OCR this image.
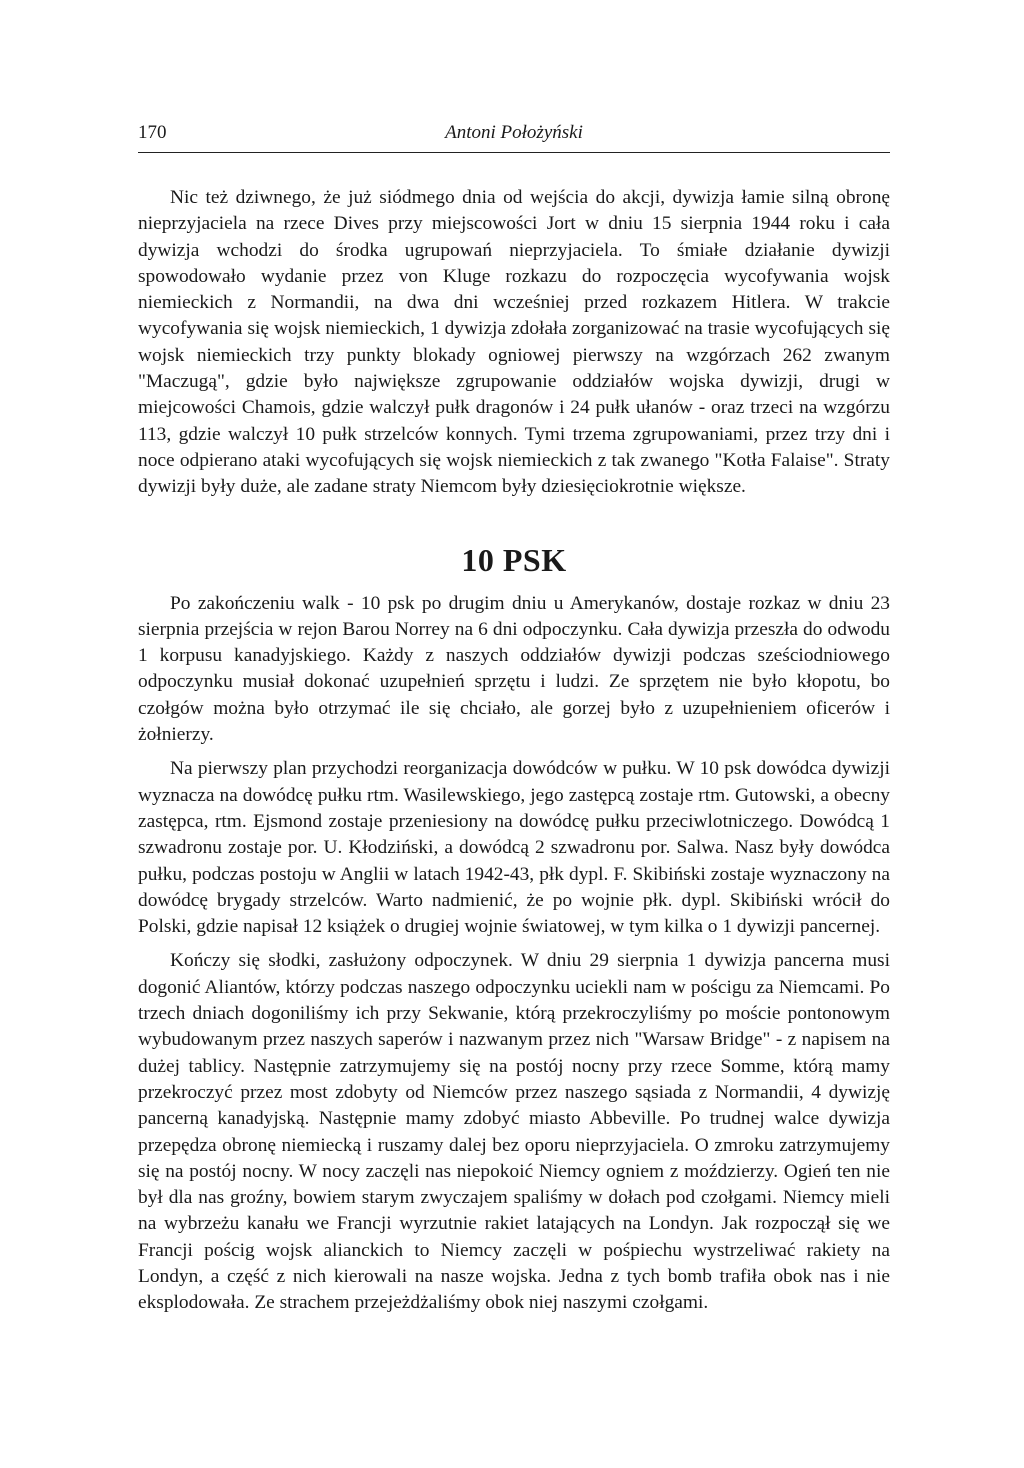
170	Antoni Położyński

Nic też dziwnego, że już siódmego dnia od wejścia do akcji, dywizja łamie silną obronę nieprzyjaciela na rzece Dives przy miejscowości Jort w dniu 15 sierpnia 1944 roku i cała dywizja wchodzi do środka ugrupowań nieprzyjaciela. To śmiałe działanie dywizji spowodowało wydanie przez von Kluge rozkazu do rozpoczęcia wycofywania wojsk niemieckich z Normandii, na dwa dni wcześniej przed rozkazem Hitlera. W trakcie wycofywania się wojsk niemieckich, 1 dywizja zdołała zorganizować na trasie wycofujących się wojsk niemieckich trzy punkty blokady ogniowej pierwszy na wzgórzach 262 zwanym "Maczugą", gdzie było największe zgrupowanie oddziałów wojska dywizji, drugi w miejcowości Chamois, gdzie walczył pułk dragonów i 24 pułk ułanów - oraz trzeci na wzgórzu 113, gdzie walczył 10 pułk strzelców konnych. Tymi trzema zgrupowaniami, przez trzy dni i noce odpierano ataki wycofujących się wojsk niemieckich z tak zwanego "Kotła Falaise". Straty dywizji były duże, ale zadane straty Niemcom były dziesięciokrotnie większe.

10 PSK

Po zakończeniu walk - 10 psk po drugim dniu u Amerykanów, dostaje rozkaz w dniu 23 sierpnia przejścia w rejon Barou Norrey na 6 dni odpoczynku. Cała dywizja przeszła do odwodu 1 korpusu kanadyjskiego. Każdy z naszych oddziałów dywizji podczas sześciodniowego odpoczynku musiał dokonać uzupełnień sprzętu i ludzi. Ze sprzętem nie było kłopotu, bo czołgów można było otrzymać ile się chciało, ale gorzej było z uzupełnieniem oficerów i żołnierzy.

Na pierwszy plan przychodzi reorganizacja dowódców w pułku. W 10 psk dowódca dywizji wyznacza na dowódcę pułku rtm. Wasilewskiego, jego zastępcą zostaje rtm. Gutowski, a obecny zastępca, rtm. Ejsmond zostaje przeniesiony na dowódcę pułku przeciwlotniczego. Dowódcą 1 szwadronu zostaje por. U. Kłodziński, a dowódcą 2 szwadronu por. Salwa. Nasz były dowódca pułku, podczas postoju w Anglii w latach 1942-43, płk dypl. F. Skibiński zostaje wyznaczony na dowódcę brygady strzelców. Warto nadmienić, że po wojnie płk. dypl. Skibiński wrócił do Polski, gdzie napisał 12 książek o drugiej wojnie światowej, w tym kilka o 1 dywizji pancernej.

Kończy się słodki, zasłużony odpoczynek. W dniu 29 sierpnia 1 dywizja pancerna musi dogonić Aliantów, którzy podczas naszego odpoczynku uciekli nam w pościgu za Niemcami. Po trzech dniach dogoniliśmy ich przy Sekwanie, którą przekroczyliśmy po moście pontonowym wybudowanym przez naszych saperów i nazwanym przez nich "Warsaw Bridge" - z napisem na dużej tablicy. Następnie zatrzymujemy się na postój nocny przy rzece Somme, którą mamy przekroczyć przez most zdobyty od Niemców przez naszego sąsiada z Normandii, 4 dywizję pancerną kanadyjską. Następnie mamy zdobyć miasto Abbeville. Po trudnej walce dywizja przepędza obronę niemiecką i ruszamy dalej bez oporu nieprzyjaciela. O zmroku zatrzymujemy się na postój nocny. W nocy zaczęli nas niepokoić Niemcy ogniem z moździerzy. Ogień ten nie był dla nas groźny, bowiem starym zwyczajem spaliśmy w dołach pod czołgami. Niemcy mieli na wybrzeżu kanału we Francji wyrzutnie rakiet latających na Londyn. Jak rozpoczął się we Francji pościg wojsk alianckich to Niemcy zaczęli w pośpiechu wystrzeliwać rakiety na Londyn, a część z nich kierowali na nasze wojska. Jedna z tych bomb trafiła obok nas i nie eksplodowała. Ze strachem przejeżdżaliśmy obok niej naszymi czołgami.
